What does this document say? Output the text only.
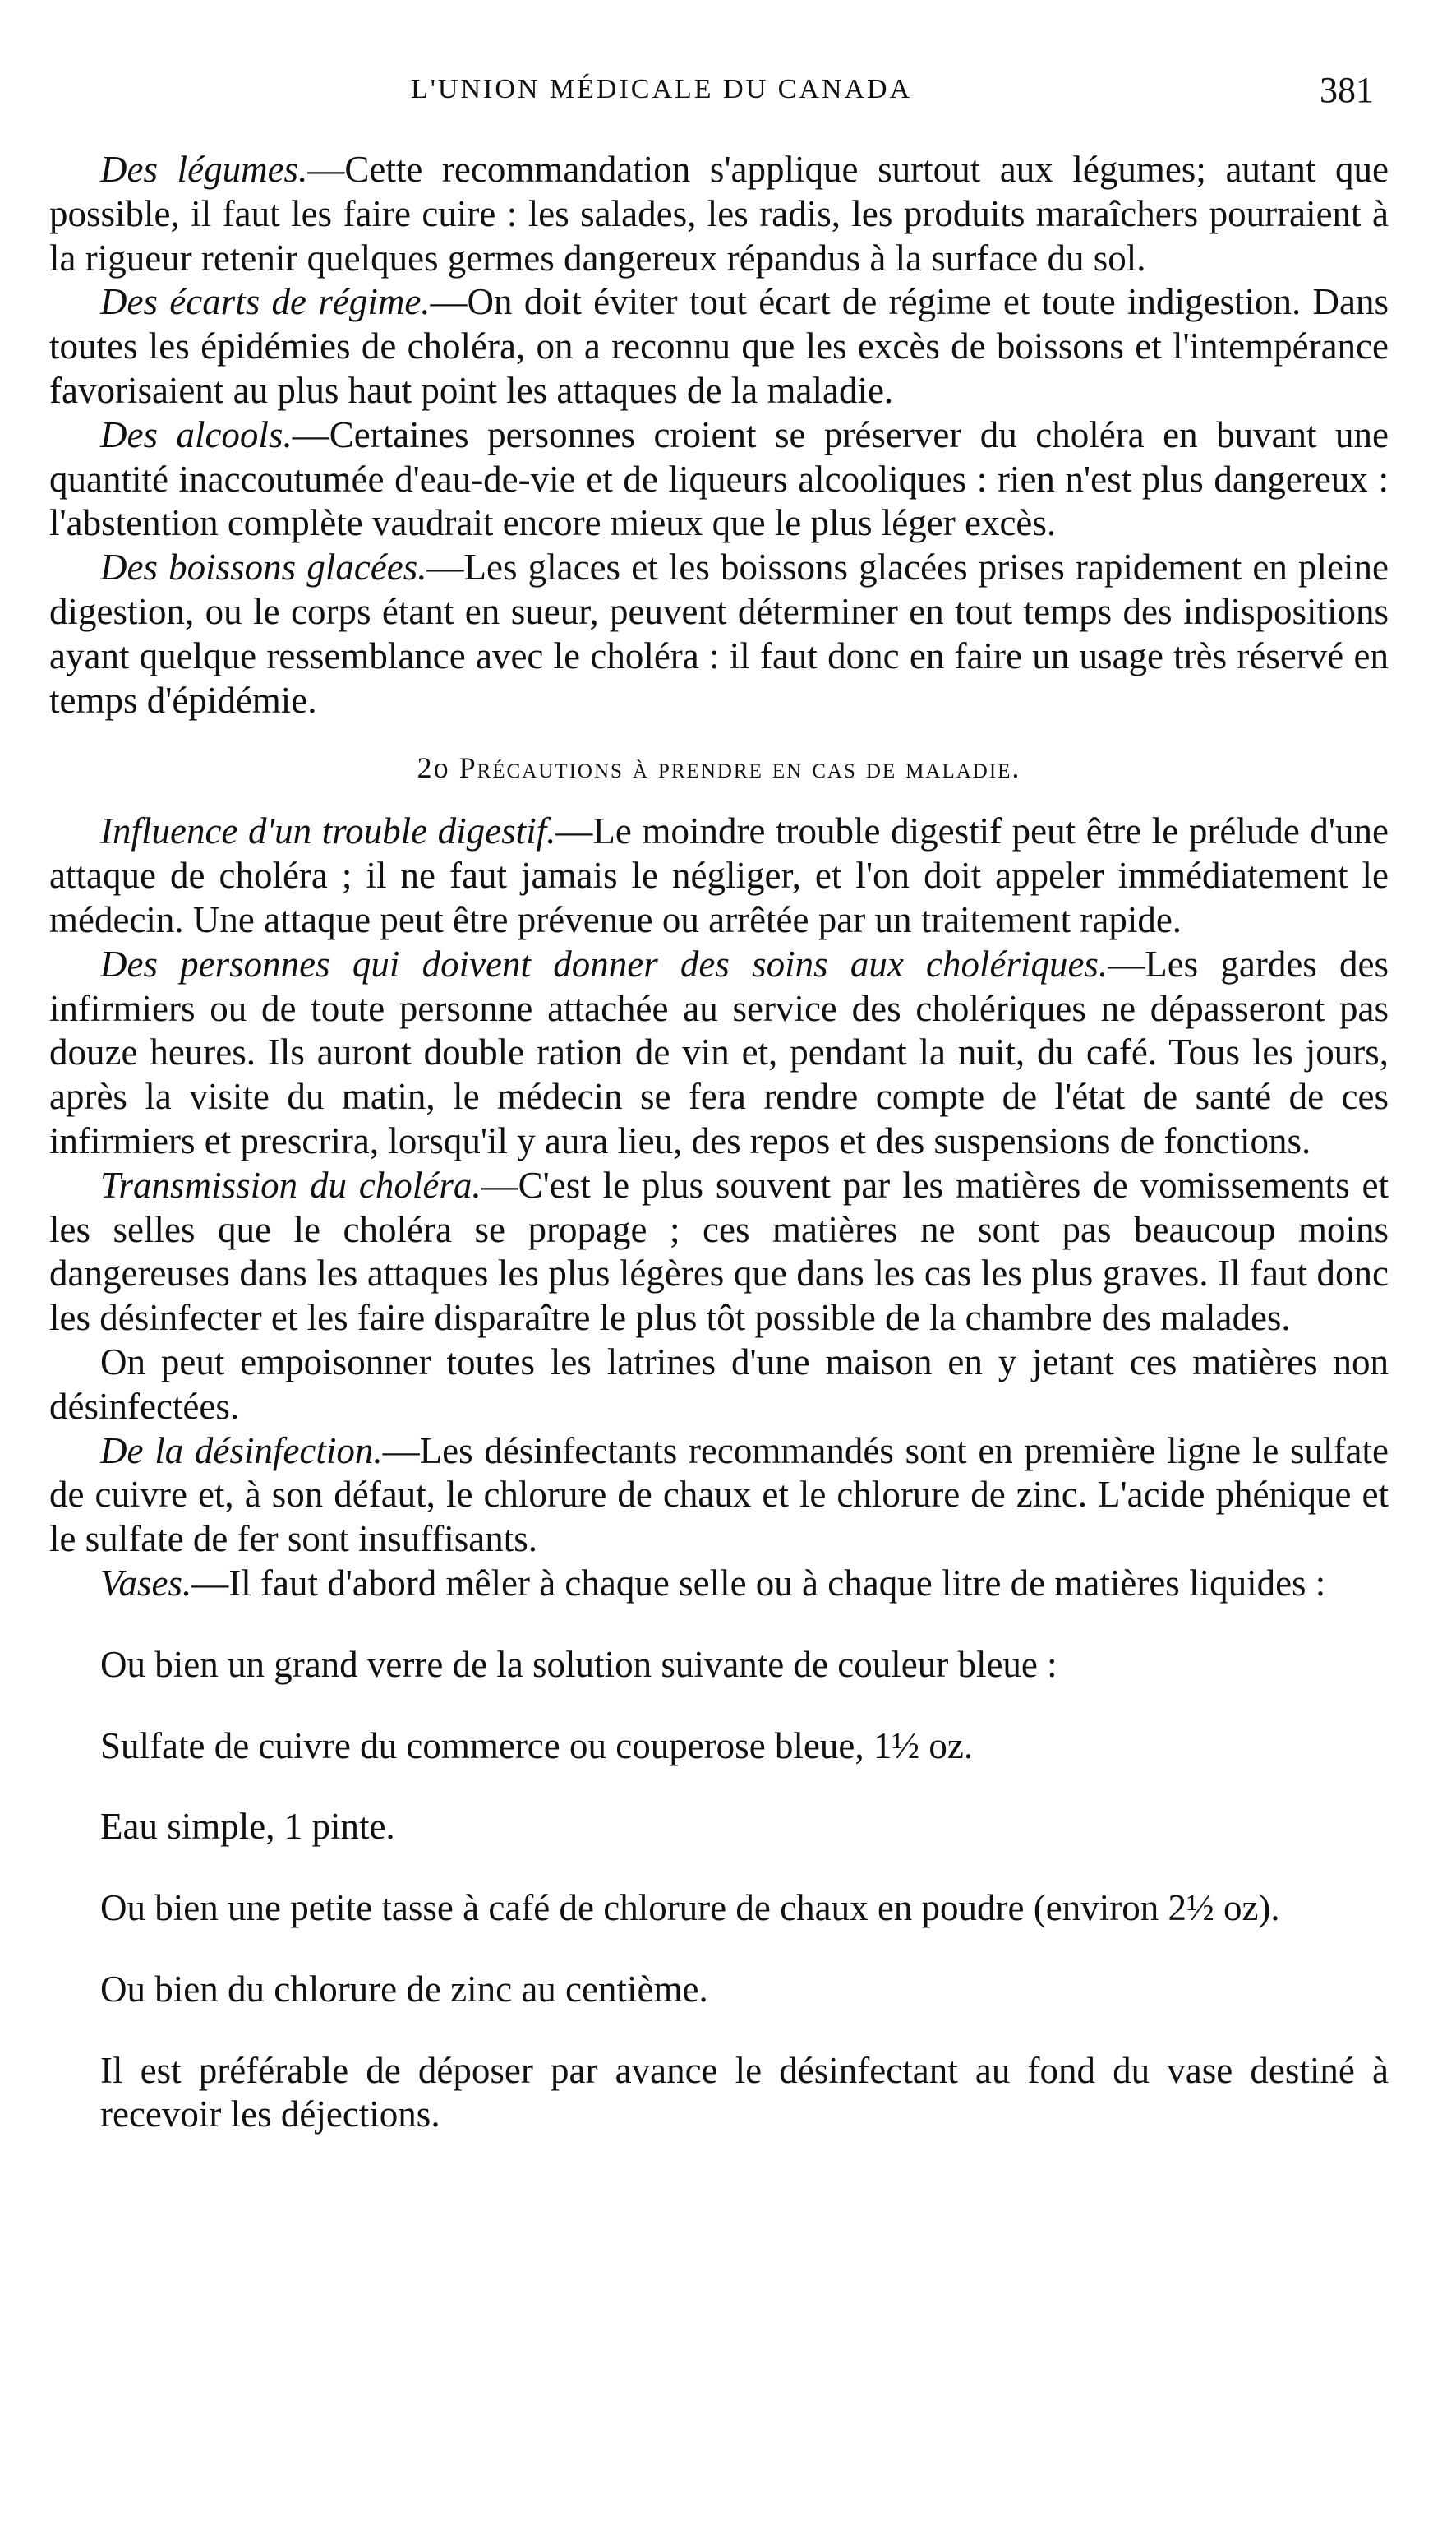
L'UNION MÉDICALE DU CANADA	381

Des légumes.—Cette recommandation s'applique surtout aux légumes; autant que possible, il faut les faire cuire : les salades, les radis, les produits maraîchers pourraient à la rigueur retenir quelques germes dangereux répandus à la surface du sol.

Des écarts de régime.—On doit éviter tout écart de régime et toute indigestion. Dans toutes les épidémies de choléra, on a reconnu que les excès de boissons et l'intempérance favorisaient au plus haut point les attaques de la maladie.

Des alcools.—Certaines personnes croient se préserver du choléra en buvant une quantité inaccoutumée d'eau-de-vie et de liqueurs alcooliques : rien n'est plus dangereux : l'abstention complète vaudrait encore mieux que le plus léger excès.

Des boissons glacées.—Les glaces et les boissons glacées prises rapidement en pleine digestion, ou le corps étant en sueur, peuvent déterminer en tout temps des indispositions ayant quelque ressemblance avec le choléra : il faut donc en faire un usage très réservé en temps d'épidémie.

2o Précautions à prendre en cas de maladie.

Influence d'un trouble digestif.—Le moindre trouble digestif peut être le prélude d'une attaque de choléra ; il ne faut jamais le négliger, et l'on doit appeler immédiatement le médecin. Une attaque peut être prévenue ou arrêtée par un traitement rapide.

Des personnes qui doivent donner des soins aux cholériques.—Les gardes des infirmiers ou de toute personne attachée au service des cholériques ne dépasseront pas douze heures. Ils auront double ration de vin et, pendant la nuit, du café. Tous les jours, après la visite du matin, le médecin se fera rendre compte de l'état de santé de ces infirmiers et prescrira, lorsqu'il y aura lieu, des repos et des suspensions de fonctions.

Transmission du choléra.—C'est le plus souvent par les matières de vomissements et les selles que le choléra se propage ; ces matières ne sont pas beaucoup moins dangereuses dans les attaques les plus légères que dans les cas les plus graves. Il faut donc les désinfecter et les faire disparaître le plus tôt possible de la chambre des malades.

On peut empoisonner toutes les latrines d'une maison en y jetant ces matières non désinfectées.

De la désinfection.—Les désinfectants recommandés sont en première ligne le sulfate de cuivre et, à son défaut, le chlorure de chaux et le chlorure de zinc. L'acide phénique et le sulfate de fer sont insuffisants.

Vases.—Il faut d'abord mêler à chaque selle ou à chaque litre de matières liquides :

Ou bien un grand verre de la solution suivante de couleur bleue :

Sulfate de cuivre du commerce ou couperose bleue, 1½ oz.

Eau simple, 1 pinte.

Ou bien une petite tasse à café de chlorure de chaux en poudre (environ 2½ oz).

Ou bien du chlorure de zinc au centième.

Il est préférable de déposer par avance le désinfectant au fond du vase destiné à recevoir les déjections.
